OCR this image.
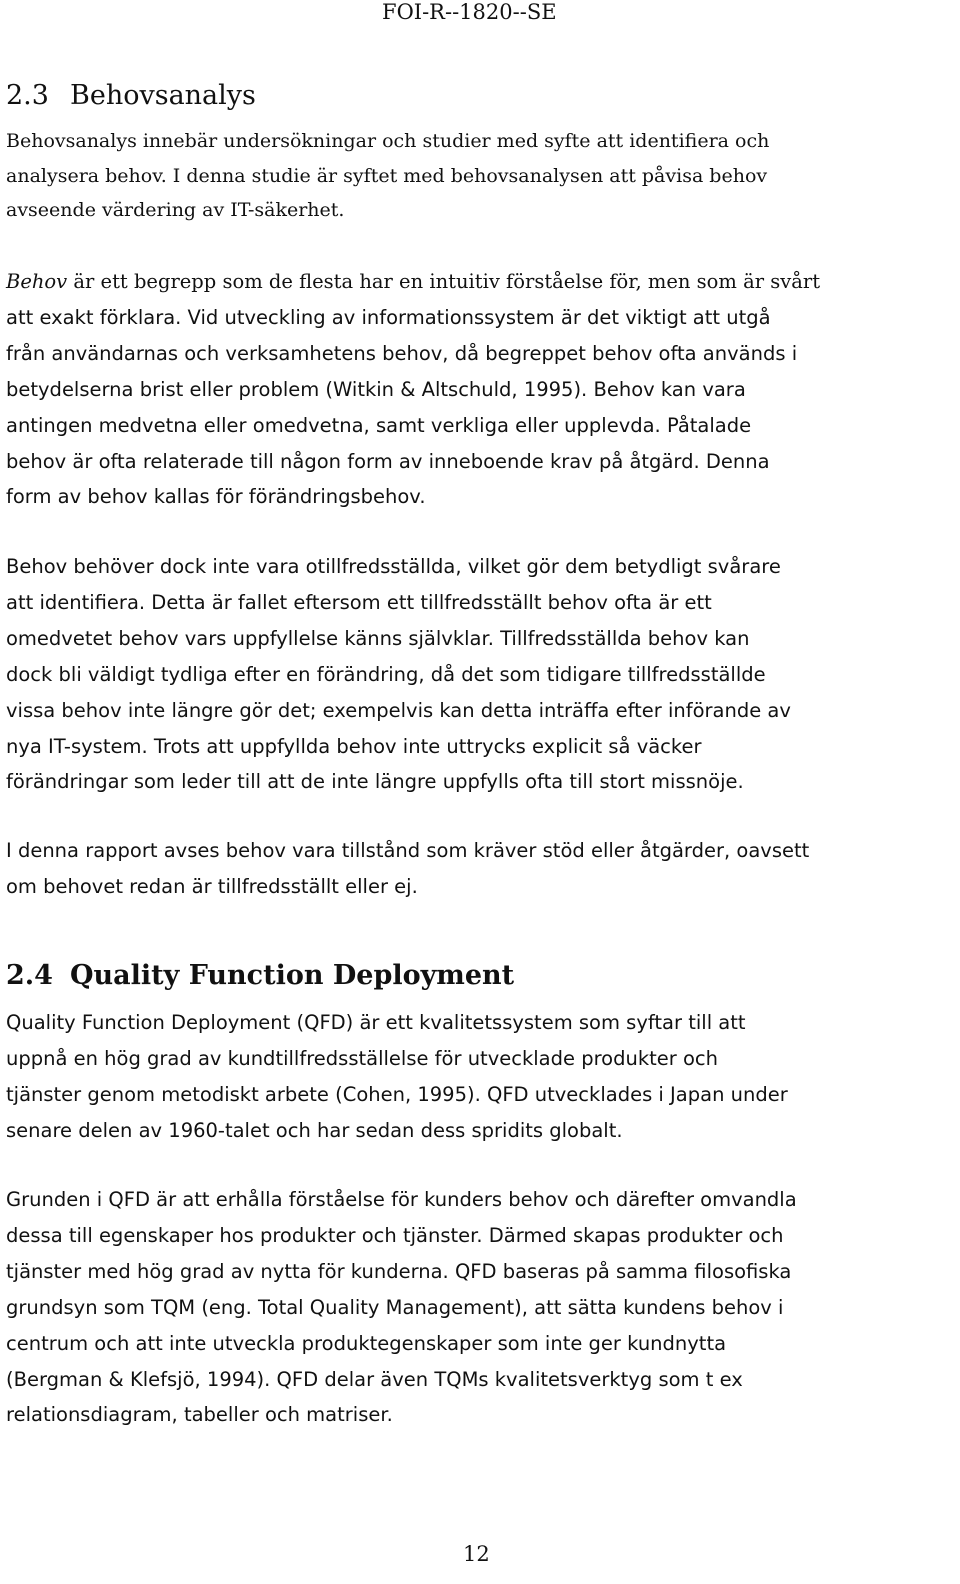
FOI-R--1820--SE
2.3 Behovsanalys

Behovsanalys innebär undersökningar och studier med syfte att identifiera och
analysera behov. I denna studie är syftet med behovsanalysen att påvisa behov
avseende värdering av IT-säkerhet.

Behov är ett begrepp som de flesta har en intuitiv förståelse för, men som är svårt
att exakt förklara. Vid utveckling av informationssystem är det viktigt att utgå
från användarnas och verksamhetens behov, då begreppet behov ofta används i
betydelserna brist eller problem (Witkin & Altschuld, 1995). Behov kan vara
antingen medvetna eller omedvetna, samt verkliga eller upplevda. Påtalade
behov är ofta relaterade till någon form av inneboende krav på åtgärd. Denna
form av behov kallas för förändringsbehov.

Behov behöver dock inte vara otillfredsställda, vilket gör dem betydligt svårare
att identifiera. Detta är fallet eftersom ett tillfredsställt behov ofta är ett
omedvetet behov vars uppfyllelse känns självklar. Tillfredsställda behov kan
dock bli väldigt tydliga efter en förändring, då det som tidigare tillfredsställde
vissa behov inte längre gör det; exempelvis kan detta inträffa efter införande av
nya IT-system. Trots att uppfyllda behov inte uttrycks explicit så väcker
förändringar som leder till att de inte längre uppfylls ofta till stort missnöje.

I denna rapport avses behov vara tillstånd som kräver stöd eller åtgärder, oavsett
om behovet redan är tillfredsställt eller ej.

2.4 Quality Function Deployment

Quality Function Deployment (QFD) är ett kvalitetssystem som syftar till att
uppnå en hög grad av kundtillfredsställelse för utvecklade produkter och
tjänster genom metodiskt arbete (Cohen, 1995). QFD utvecklades i Japan under
senare delen av 1960-talet och har sedan dess spridits globalt.

Grunden i QFD är att erhålla förståelse för kunders behov och därefter omvandla
dessa till egenskaper hos produkter och tjänster. Därmed skapas produkter och
tjänster med hög grad av nytta för kunderna. QFD baseras på samma filosofiska
grundsyn som TQM (eng. Total Quality Management), att sätta kundens behov i
centrum och att inte utveckla produktegenskaper som inte ger kundnytta
(Bergman & Klefsjö, 1994). QFD delar även TQMs kvalitetsverktyg som t ex
relationsdiagram, tabeller och matriser.

12
